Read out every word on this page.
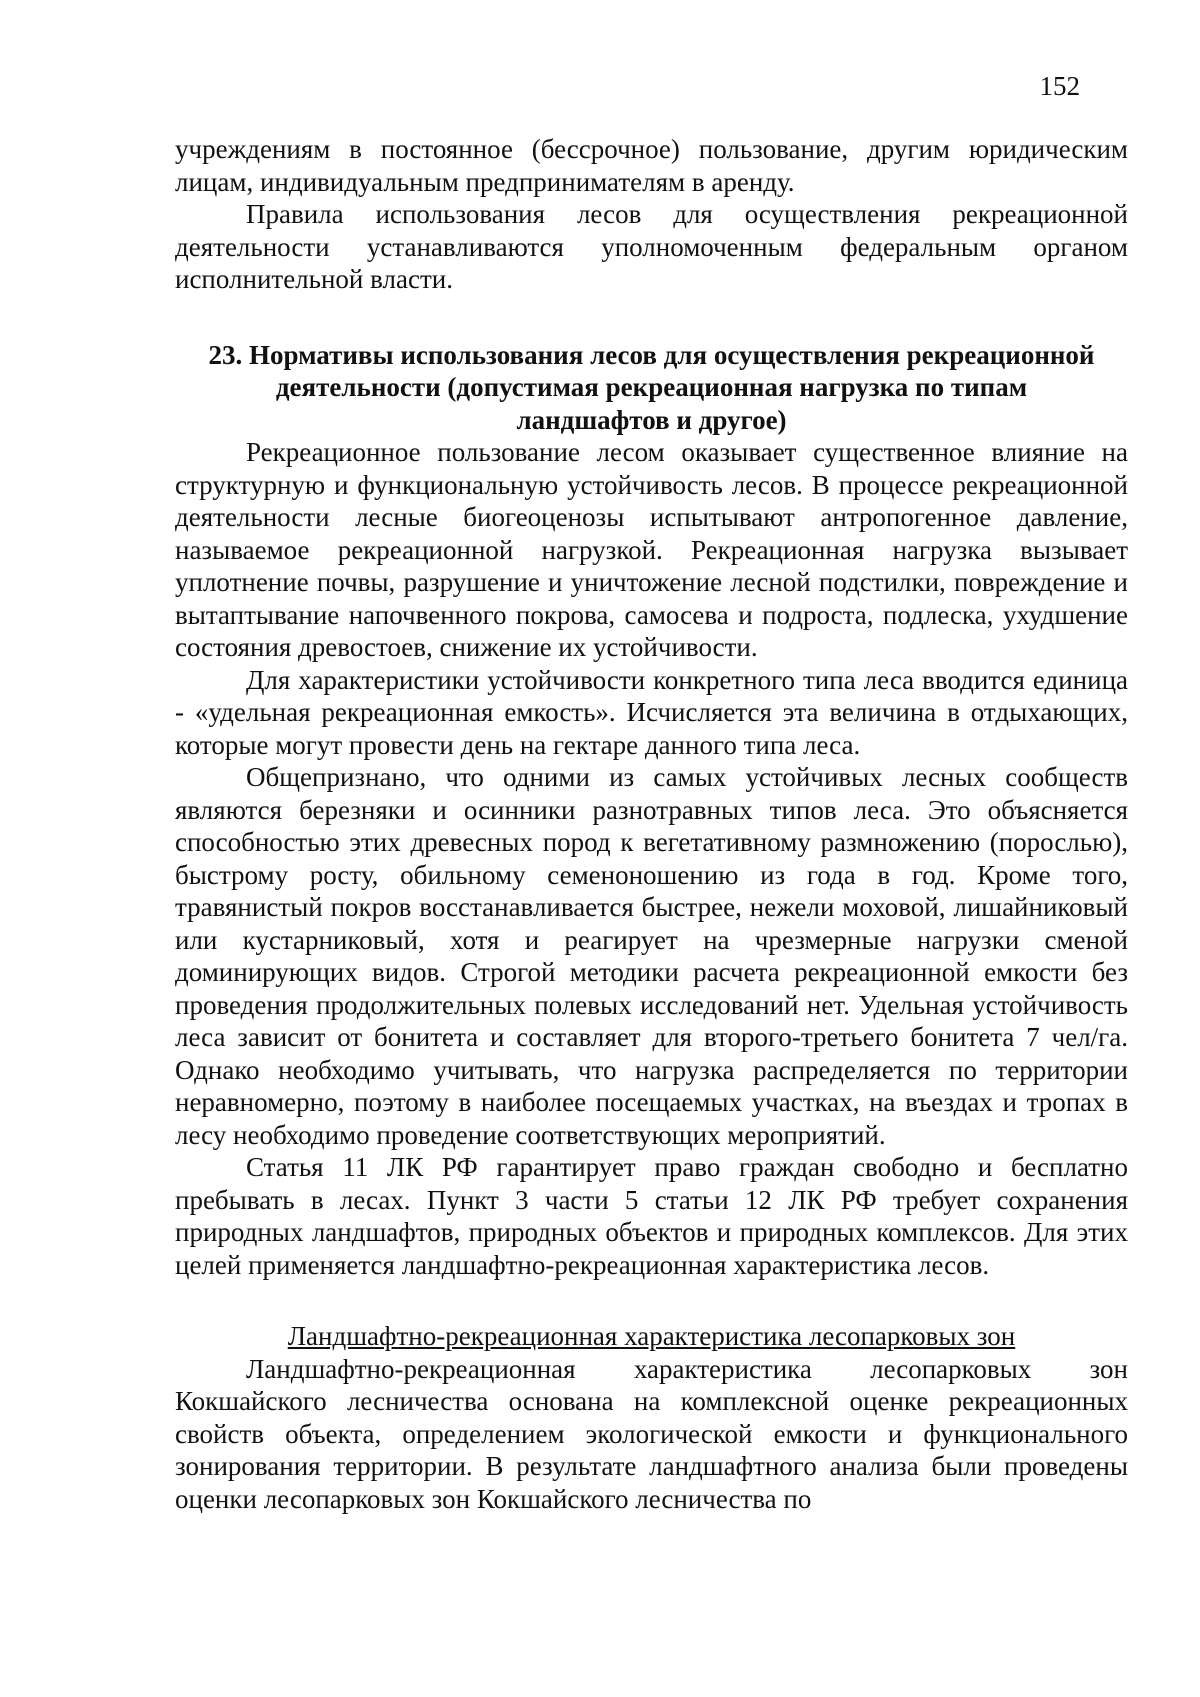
152

учреждениям в постоянное (бессрочное) пользование, другим юридическим лицам, индивидуальным предпринимателям в аренду.

Правила использования лесов для осуществления рекреационной деятельности устанавливаются уполномоченным федеральным органом исполнительной власти.

23. Нормативы использования лесов для осуществления рекреационной
деятельности (допустимая рекреационная нагрузка по типам
ландшафтов и другое)

Рекреационное пользование лесом оказывает существенное влияние на структурную и функциональную устойчивость лесов. В процессе рекреационной деятельности лесные биогеоценозы испытывают антропогенное давление, называемое рекреационной нагрузкой. Рекреационная нагрузка вызывает уплотнение почвы, разрушение и уничтожение лесной подстилки, повреждение и вытаптывание напочвенного покрова, самосева и подроста, подлеска, ухудшение состояния древостоев, снижение их устойчивости.

Для характеристики устойчивости конкретного типа леса вводится единица - «удельная рекреационная емкость». Исчисляется эта величина в отдыхающих, которые могут провести день на гектаре данного типа леса.

Общепризнано, что одними из самых устойчивых лесных сообществ являются березняки и осинники разнотравных типов леса. Это объясняется способностью этих древесных пород к вегетативному размножению (порослью), быстрому росту, обильному семеноношению из года в год. Кроме того, травянистый покров восстанавливается быстрее, нежели моховой, лишайниковый или кустарниковый, хотя и реагирует на чрезмерные нагрузки сменой доминирующих видов. Строгой методики расчета рекреационной емкости без проведения продолжительных полевых исследований нет. Удельная устойчивость леса зависит от бонитета и составляет для второго-третьего бонитета 7 чел/га. Однако необходимо учитывать, что нагрузка распределяется по территории неравномерно, поэтому в наиболее посещаемых участках, на въездах и тропах в лесу необходимо проведение соответствующих мероприятий.

Статья 11 ЛК РФ гарантирует право граждан свободно и бесплатно пребывать в лесах. Пункт 3 части 5 статьи 12 ЛК РФ требует сохранения природных ландшафтов, природных объектов и природных комплексов. Для этих целей применяется ландшафтно-рекреационная характеристика лесов.

Ландшафтно-рекреационная характеристика лесопарковых зон

Ландшафтно-рекреационная характеристика лесопарковых зон Кокшайского лесничества основана на комплексной оценке рекреационных свойств объекта, определением экологической емкости и функционального зонирования территории. В результате ландшафтного анализа были проведены оценки лесопарковых зон Кокшайского лесничества по
